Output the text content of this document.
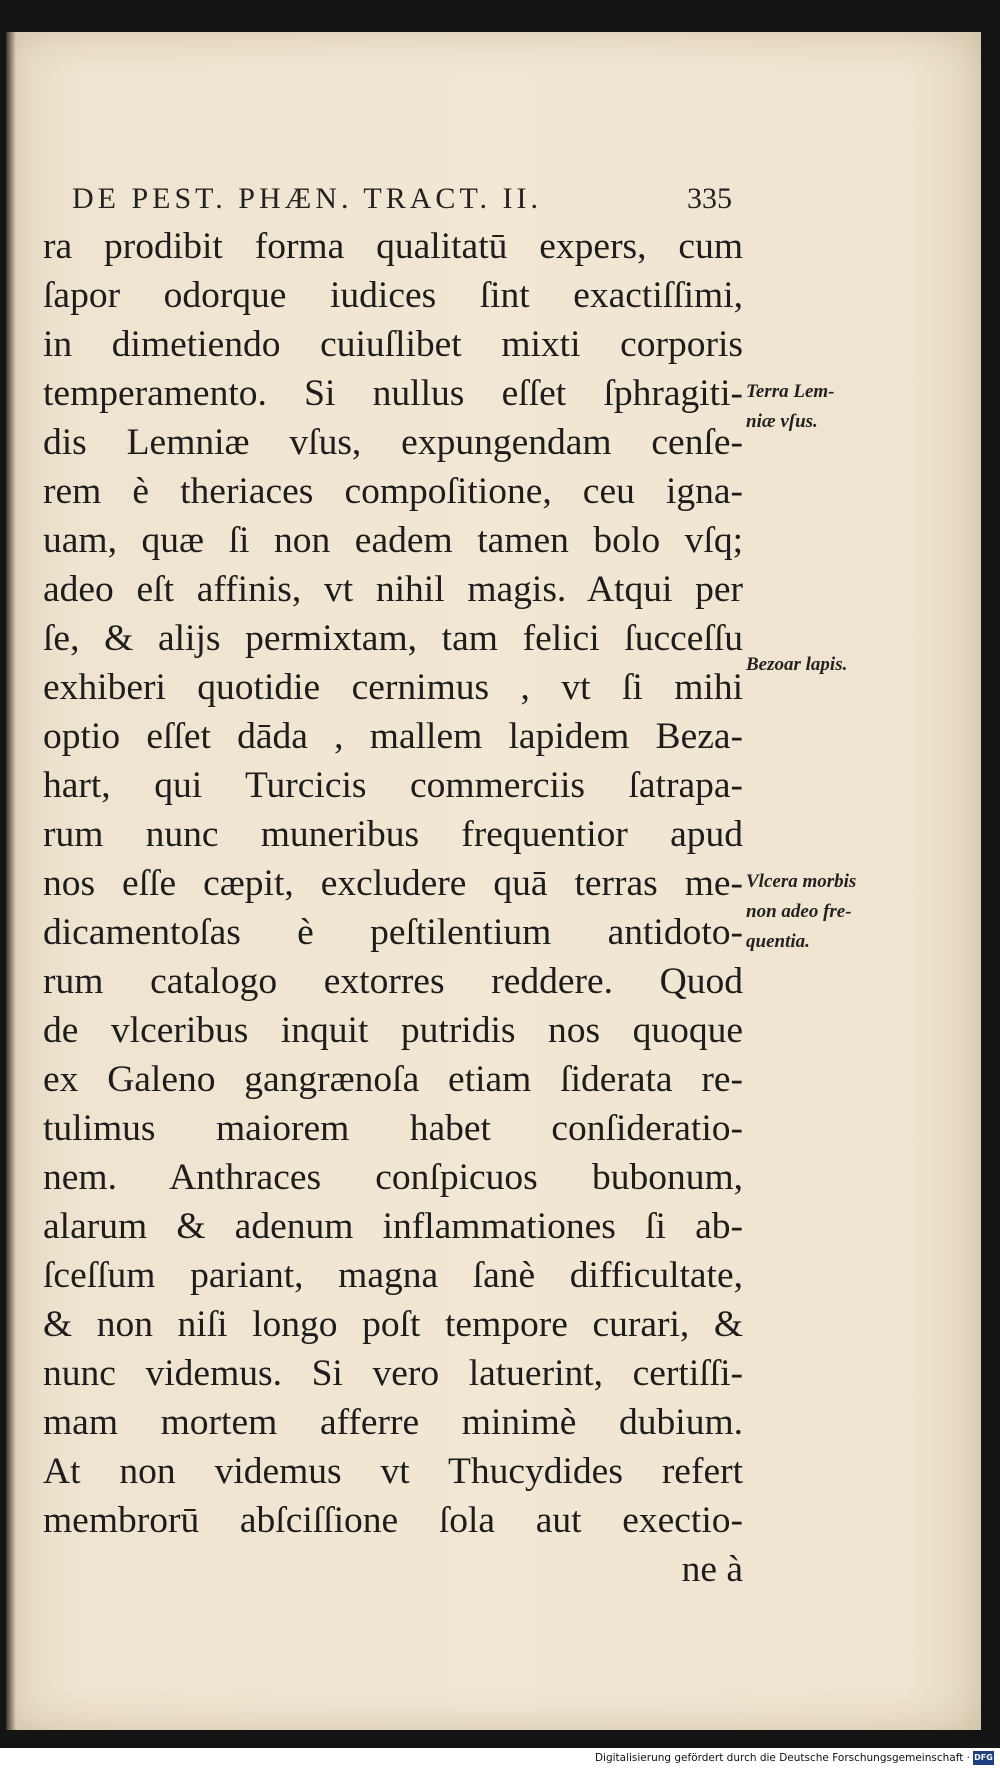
DE PEST. PHÆN. TRACT. II.	335
ra prodibit forma qualitatū expers, cum
ſapor odorque iudices ſint exactiſſimi,
in dimetiendo cuiuſlibet mixti corporis
temperamento. Si nullus eſſet ſphragiti-
dis Lemniæ vſus, expungendam cenſe-
rem è theriaces compoſitione, ceu igna-
uam, quæ ſi non eadem tamen bolo vſq;
adeo eſt affinis, vt nihil magis. Atqui per
ſe, & alijs permixtam, tam felici ſucceſſu
exhiberi quotidie cernimus , vt ſi mihi
optio eſſet dāda , mallem lapidem Beza-
hart, qui Turcicis commerciis ſatrapa-
rum nunc muneribus frequentior apud
nos eſſe cæpit, excludere quā terras me-
dicamentoſas è peſtilentium antidoto-
rum catalogo extorres reddere. Quod
de vlceribus inquit putridis nos quoque
ex Galeno gangrænoſa etiam ſiderata re-
tulimus maiorem habet conſideratio-
nem. Anthraces conſpicuos bubonum,
alarum & adenum inflammationes ſi ab-
ſceſſum pariant, magna ſanè difficultate,
& non niſi longo poſt tempore curari, &
nunc videmus. Si vero latuerint, certiſſi-
mam mortem afferre minimè dubium.
At non videmus vt Thucydides refert
membrorū abſciſſione ſola aut exectio-
ne à
Terra Lem-
niæ vſus.
Bezoar lapis.
Vlcera morbis
non adeo fre-
quentia.
Digitalisierung gefördert durch die Deutsche Forschungsgemeinschaft · DFG
